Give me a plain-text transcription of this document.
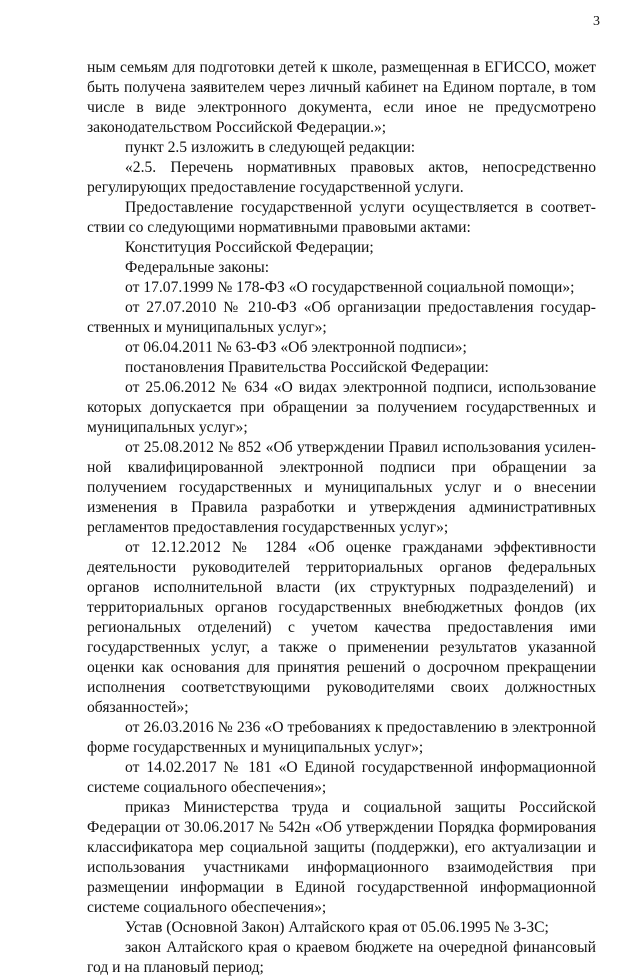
3

ным семьям для подготовки детей к школе, размещенная в ЕГИССО, может быть получена заявителем через личный кабинет на Едином портале, в том числе в виде электронного документа, если иное не предусмотрено законодательством Российской Федерации.»;

пункт 2.5 изложить в следующей редакции:

«2.5. Перечень нормативных правовых актов, непосредственно регулирующих предоставление государственной услуги.

Предоставление государственной услуги осуществляется в соответствии со следующими нормативными правовыми актами:

Конституция Российской Федерации;

Федеральные законы:

от 17.07.1999 № 178-ФЗ «О государственной социальной помощи»;

от 27.07.2010 № 210-ФЗ «Об организации предоставления государственных и муниципальных услуг»;

от 06.04.2011 № 63-ФЗ «Об электронной подписи»;

постановления Правительства Российской Федерации:

от 25.06.2012 № 634 «О видах электронной подписи, использование которых допускается при обращении за получением государственных и муниципальных услуг»;

от 25.08.2012 № 852 «Об утверждении Правил использования усиленной квалифицированной электронной подписи при обращении за получением государственных и муниципальных услуг и о внесении изменения в Правила разработки и утверждения административных регламентов предоставления государственных услуг»;

от 12.12.2012 № 1284 «Об оценке гражданами эффективности деятельности руководителей территориальных органов федеральных органов исполнительной власти (их структурных подразделений) и территориальных органов государственных внебюджетных фондов (их региональных отделений) с учетом качества предоставления ими государственных услуг, а также о применении результатов указанной оценки как основания для принятия решений о досрочном прекращении исполнения соответствующими руководителями своих должностных обязанностей»;

от 26.03.2016 № 236 «О требованиях к предоставлению в электронной форме государственных и муниципальных услуг»;

от 14.02.2017 № 181 «О Единой государственной информационной системе социального обеспечения»;

приказ Министерства труда и социальной защиты Российской Федерации от 30.06.2017 № 542н «Об утверждении Порядка формирования классификатора мер социальной защиты (поддержки), его актуализации и использования участниками информационного взаимодействия при размещении информации в Единой государственной информационной системе социального обеспечения»;

Устав (Основной Закон) Алтайского края от 05.06.1995 № 3-ЗС;

закон Алтайского края о краевом бюджете на очередной финансовый год и на плановый период;
